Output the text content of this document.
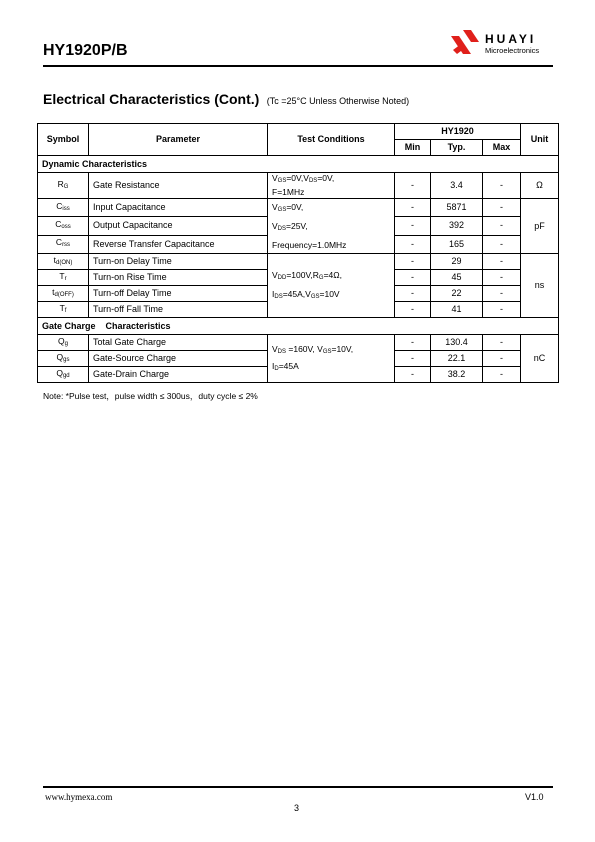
HY1920P/B
HUAYI
Microelectronics
Electrical Characteristics (Cont.) (Tc =25°C Unless Otherwise Noted)
Symbol	Parameter	Test Conditions	HY1920			Unit
			Min	Typ.	Max	
Dynamic Characteristics						
$R_G$	Gate Resistance	$V_{GS}=0V,V_{DS}=0V$,
F=1MHz	-	3.4	-	Ω
$C_{iss}$	Input Capacitance	$V_{GS}=0V$,
$V_{DS}=25V$,
Frequency=1.0MHz	-	5871	-	pF
$C_{oss}$	Output Capacitance		-	392	-	
$C_{rss}$	Reverse Transfer Capacitance		-	165	-	
$t_{d(ON)}$	Turn-on Delay Time	$V_{DD}=100V,R_G=4\Omega$,
$I_{DS}=45A,V_{GS}=10V$	-	29	-	ns
$T_r$	Turn-on Rise Time		-	45	-	
$t_{d(OFF)}$	Turn-off Delay Time		-	22	-	
$T_f$	Turn-off Fall Time		-	41	-	
Gate Charge    Characteristics						
$Q_g$	Total Gate Charge	$V_{DS} =160V$, $V_{GS}=10V$,
$I_D=45A$	-	130.4	-	nC
$Q_{gs}$	Gate-Source Charge		-	22.1	-	
$Q_{gd}$	Gate-Drain Charge		-	38.2	-	
Note: *Pulse test，pulse width ≤ 300us，duty cycle ≤ 2%
www.hymexa.com	V1.0
3
